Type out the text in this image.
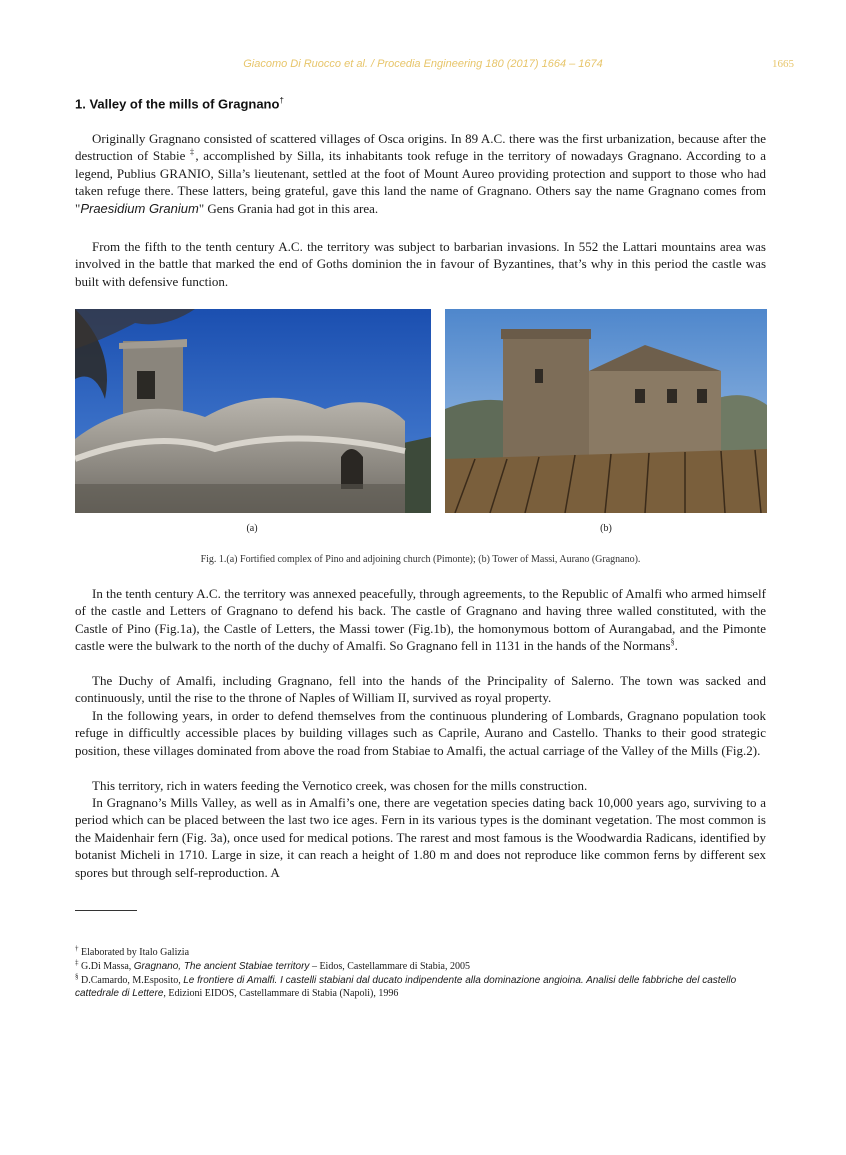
Giacomo Di Ruocco et al. / Procedia Engineering 180 (2017) 1664 – 1674	1665
1. Valley of the mills of Gragnano†

Originally Gragnano consisted of scattered villages of Osca origins. In 89 A.C. there was the first urbanization, because after the destruction of Stabie ‡, accomplished by Silla, its inhabitants took refuge in the territory of nowadays Gragnano. According to a legend, Publius GRANIO, Silla’s lieutenant, settled at the foot of Mount Aureo providing protection and support to those who had taken refuge there. These latters, being grateful, gave this land the name of Gragnano. Others say the name Gragnano comes from "Praesidium Granium" Gens Grania had got in this area.

From the fifth to the tenth century A.C. the territory was subject to barbarian invasions. In 552 the Lattari mountains area was involved in the battle that marked the end of Goths dominion the in favour of Byzantines, that’s why in this period the castle was built with defensive function.

(a)	(b)
Fig. 1.(a) Fortified complex of Pino and adjoining church (Pimonte); (b) Tower of Massi, Aurano (Gragnano).

In the tenth century A.C. the territory was annexed peacefully, through agreements, to the Republic of Amalfi who armed himself of the castle and Letters of Gragnano to defend his back. The castle of Gragnano and having three walled constituted, with the Castle of Pino (Fig.1a), the Castle of Letters, the Massi tower (Fig.1b), the homonymous bottom of Aurangabad, and the Pimonte castle were the bulwark to the north of the duchy of Amalfi. So Gragnano fell in 1131 in the hands of the Normans§.

The Duchy of Amalfi, including Gragnano, fell into the hands of the Principality of Salerno. The town was sacked and continuously, until the rise to the throne of Naples of William II, survived as royal property.

In the following years, in order to defend themselves from the continuous plundering of Lombards, Gragnano population took refuge in difficultly accessible places by building villages such as Caprile, Aurano and Castello. Thanks to their good strategic position, these villages dominated from above the road from Stabiae to Amalfi, the actual carriage of the Valley of the Mills (Fig.2).

This territory, rich in waters feeding the Vernotico creek, was chosen for the mills construction.

In Gragnano’s Mills Valley, as well as in Amalfi’s one, there are vegetation species dating back 10,000 years ago, surviving to a period which can be placed between the last two ice ages. Fern in its various types is the dominant vegetation. The most common is the Maidenhair fern (Fig. 3a), once used for medical potions. The rarest and most famous is the Woodwardia Radicans, identified by botanist Micheli in 1710. Large in size, it can reach a height of 1.80 m and does not reproduce like common ferns by different sex spores but through self-reproduction. A

† Elaborated by Italo Galizia

‡ G.Di Massa, Gragnano, The ancient Stabiae territory – Eidos, Castellammare di Stabia, 2005

§ D.Camardo, M.Esposito, Le frontiere di Amalfi. I castelli stabiani dal ducato indipendente alla dominazione angioina. Analisi delle fabbriche del castello cattedrale di Lettere, Edizioni EIDOS, Castellammare di Stabia (Napoli), 1996
